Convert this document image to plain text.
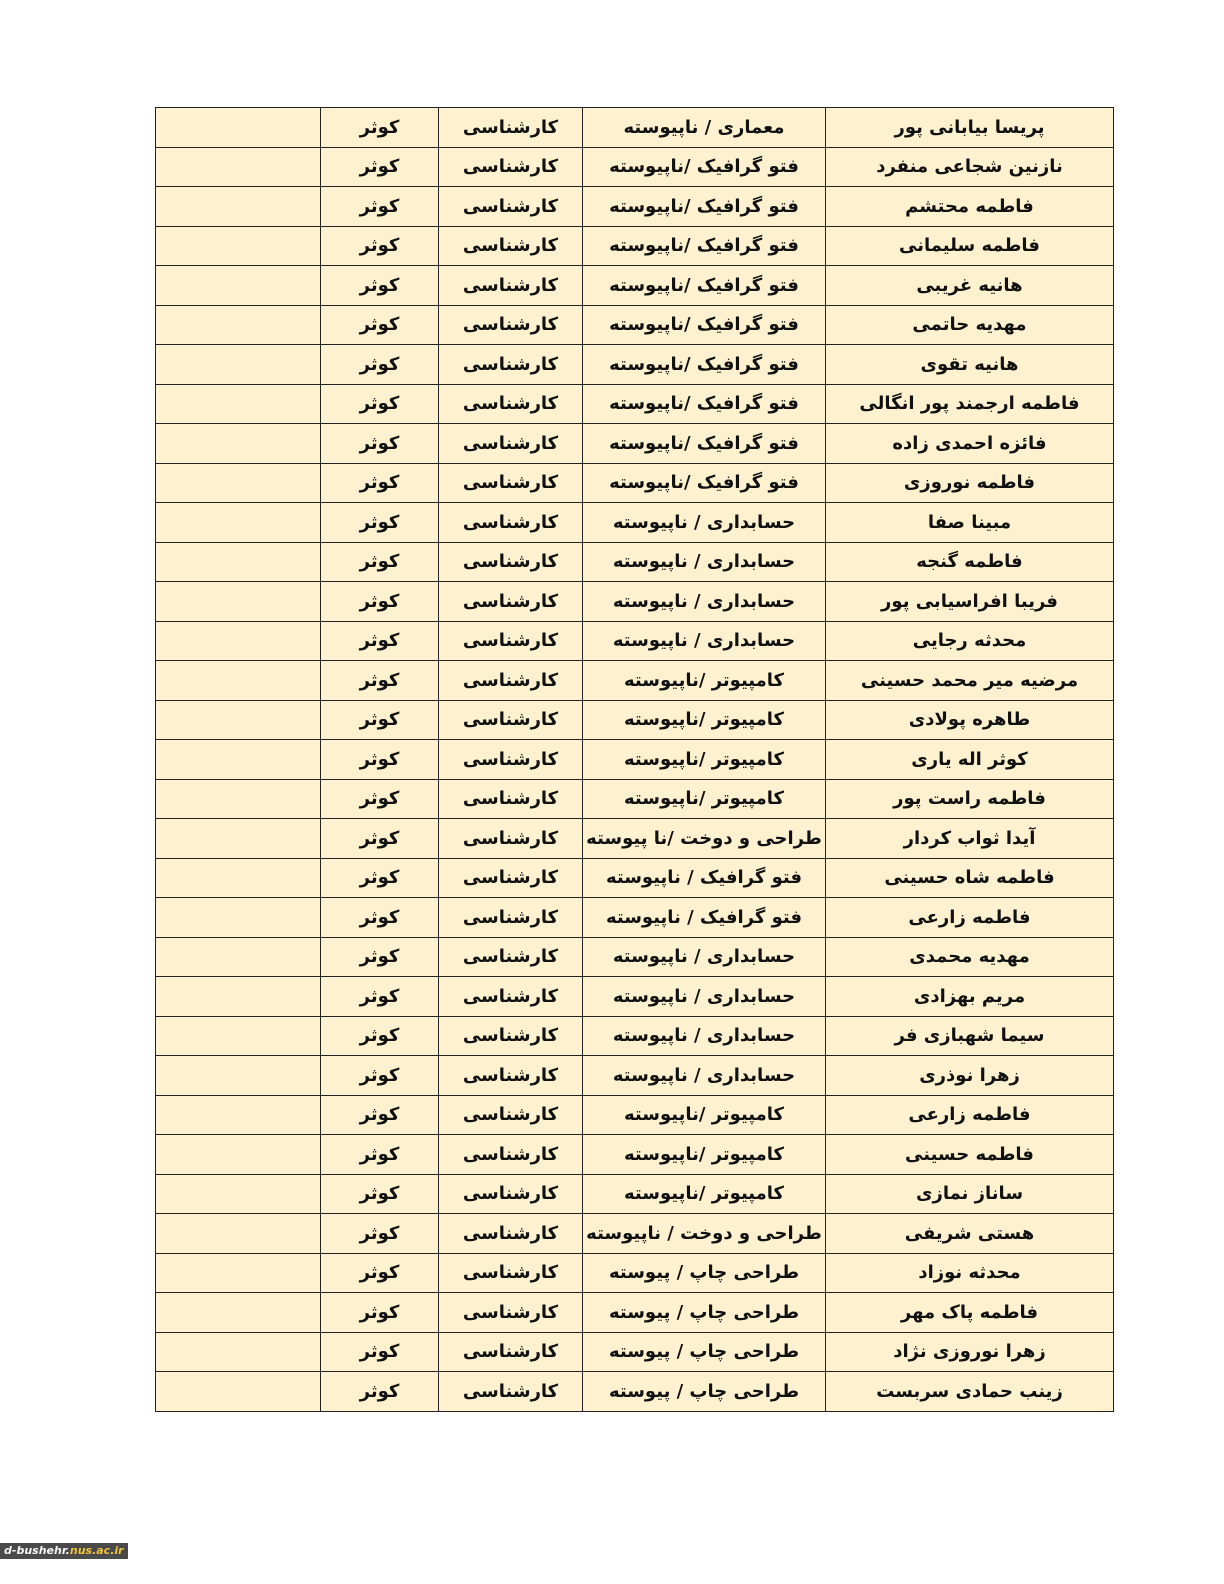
پریسا بیابانی پور	معماری / ناپیوسته	کارشناسی	کوثر	
نازنین شجاعی منفرد	فتو گرافیک /ناپیوسته	کارشناسی	کوثر	
فاطمه محتشم	فتو گرافیک /ناپیوسته	کارشناسی	کوثر	
فاطمه سلیمانی	فتو گرافیک /ناپیوسته	کارشناسی	کوثر	
هانیه غریبی	فتو گرافیک /ناپیوسته	کارشناسی	کوثر	
مهدیه حاتمی	فتو گرافیک /ناپیوسته	کارشناسی	کوثر	
هانیه تقوی	فتو گرافیک /ناپیوسته	کارشناسی	کوثر	
فاطمه ارجمند پور انگالی	فتو گرافیک /ناپیوسته	کارشناسی	کوثر	
فائزه احمدی زاده	فتو گرافیک /ناپیوسته	کارشناسی	کوثر	
فاطمه نوروزی	فتو گرافیک /ناپیوسته	کارشناسی	کوثر	
مبینا صفا	حسابداری / ناپیوسته	کارشناسی	کوثر	
فاطمه گنجه	حسابداری / ناپیوسته	کارشناسی	کوثر	
فریبا افراسیابی پور	حسابداری / ناپیوسته	کارشناسی	کوثر	
محدثه رجایی	حسابداری / ناپیوسته	کارشناسی	کوثر	
مرضیه میر محمد حسینی	کامپیوتر /ناپیوسته	کارشناسی	کوثر	
طاهره پولادی	کامپیوتر /ناپیوسته	کارشناسی	کوثر	
کوثر اله یاری	کامپیوتر /ناپیوسته	کارشناسی	کوثر	
فاطمه راست پور	کامپیوتر /ناپیوسته	کارشناسی	کوثر	
آیدا ثواب کردار	طراحی و دوخت /نا پیوسته	کارشناسی	کوثر	
فاطمه شاه حسینی	فتو گرافیک / ناپیوسته	کارشناسی	کوثر	
فاطمه زارعی	فتو گرافیک / ناپیوسته	کارشناسی	کوثر	
مهدیه محمدی	حسابداری / ناپیوسته	کارشناسی	کوثر	
مریم بهزادی	حسابداری / ناپیوسته	کارشناسی	کوثر	
سیما شهبازی فر	حسابداری / ناپیوسته	کارشناسی	کوثر	
زهرا نوذری	حسابداری / ناپیوسته	کارشناسی	کوثر	
فاطمه زارعی	کامپیوتر /ناپیوسته	کارشناسی	کوثر	
فاطمه حسینی	کامپیوتر /ناپیوسته	کارشناسی	کوثر	
ساناز نمازی	کامپیوتر /ناپیوسته	کارشناسی	کوثر	
هستی شریفی	طراحی و دوخت / ناپیوسته	کارشناسی	کوثر	
محدثه نوزاد	طراحی چاپ / پیوسته	کارشناسی	کوثر	
فاطمه پاک مهر	طراحی چاپ / پیوسته	کارشناسی	کوثر	
زهرا نوروزی نژاد	طراحی چاپ / پیوسته	کارشناسی	کوثر	
زینب حمادی سربست	طراحی چاپ / پیوسته	کارشناسی	کوثر	
d-bushehr.nus.ac.ir
